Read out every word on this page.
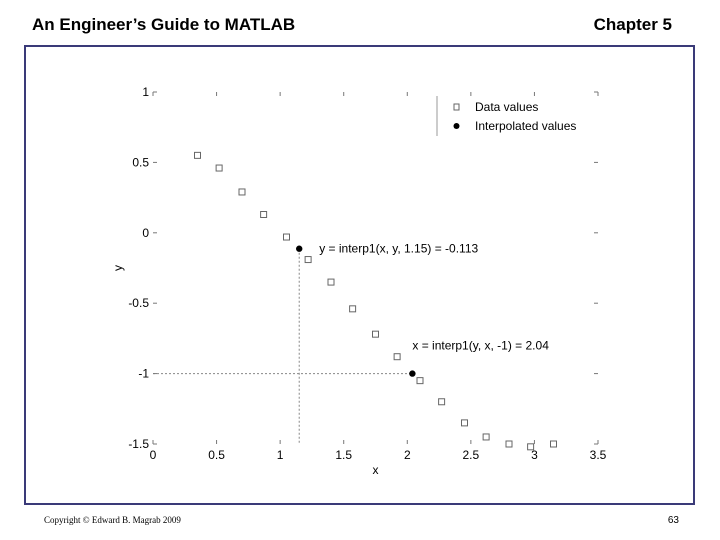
An Engineer’s Guide to MATLAB	Chapter 5
0	0.5	1	1.5	2	2.5	3	3.5
1
0.5
0
-0.5
-1
-1.5
y = interp1(x, y, 1.15) = -0.113
x = interp1(y, x, -1) = 2.04
Data values
Interpolated values
x
y
Copyright © Edward B. Magrab 2009	63
